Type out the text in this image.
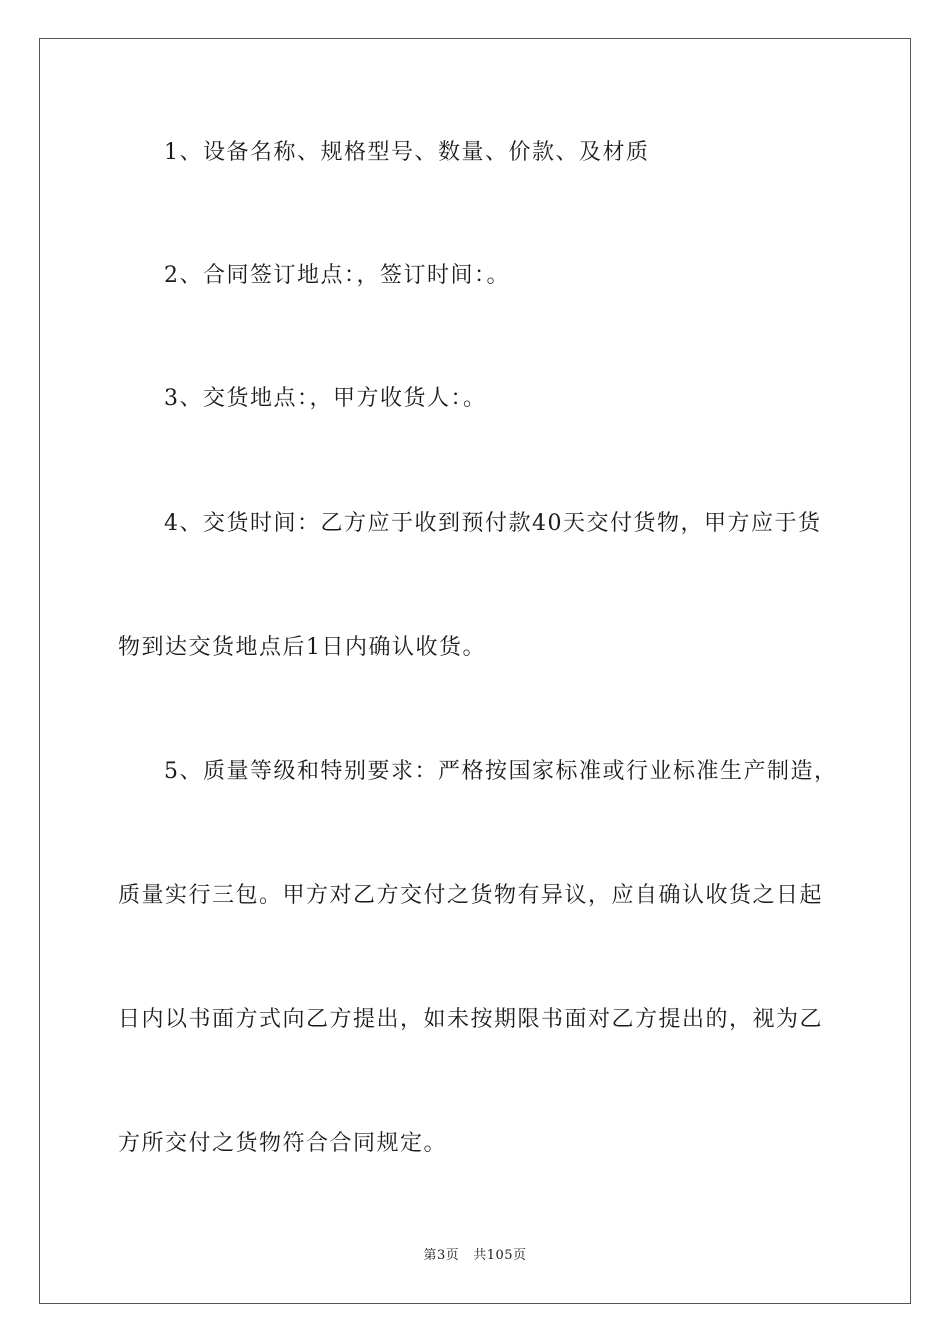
1、设备名称、规格型号、数量、价款、及材质
2、合同签订地点：，签订时间：。
3、交货地点：，甲方收货人：。
4、交货时间：乙方应于收到预付款40天交付货物，甲方应于货
物到达交货地点后1日内确认收货。
5、质量等级和特别要求：严格按国家标准或行业标准生产制造，
质量实行三包。甲方对乙方交付之货物有异议，应自确认收货之日起
日内以书面方式向乙方提出，如未按期限书面对乙方提出的，视为乙
方所交付之货物符合合同规定。
第3页 共105页
